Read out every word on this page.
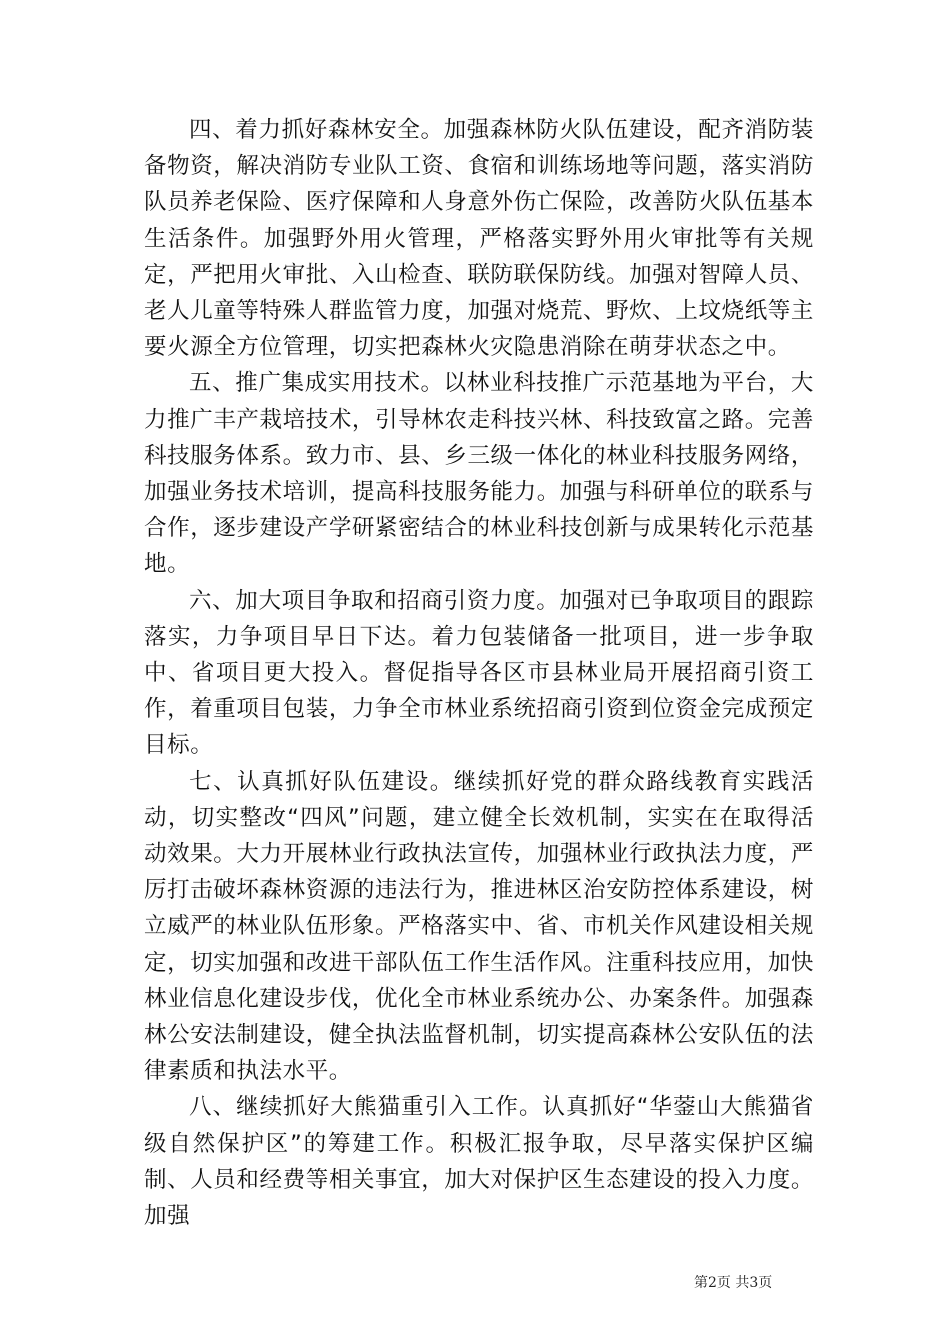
四、着力抓好森林安全。加强森林防火队伍建设，配齐消防装备物资，解决消防专业队工资、食宿和训练场地等问题，落实消防队员养老保险、医疗保障和人身意外伤亡保险，改善防火队伍基本生活条件。加强野外用火管理，严格落实野外用火审批等有关规定，严把用火审批、入山检查、联防联保防线。加强对智障人员、老人儿童等特殊人群监管力度，加强对烧荒、野炊、上坟烧纸等主要火源全方位管理，切实把森林火灾隐患消除在萌芽状态之中。

五、推广集成实用技术。以林业科技推广示范基地为平台，大力推广丰产栽培技术，引导林农走科技兴林、科技致富之路。完善科技服务体系。致力市、县、乡三级一体化的林业科技服务网络，加强业务技术培训，提高科技服务能力。加强与科研单位的联系与合作，逐步建设产学研紧密结合的林业科技创新与成果转化示范基地。

六、加大项目争取和招商引资力度。加强对已争取项目的跟踪落实，力争项目早日下达。着力包装储备一批项目，进一步争取中、省项目更大投入。督促指导各区市县林业局开展招商引资工作，着重项目包装，力争全市林业系统招商引资到位资金完成预定目标。

七、认真抓好队伍建设。继续抓好党的群众路线教育实践活动，切实整改“四风”问题，建立健全长效机制，实实在在取得活动效果。大力开展林业行政执法宣传，加强林业行政执法力度，严厉打击破坏森林资源的违法行为，推进林区治安防控体系建设，树立威严的林业队伍形象。严格落实中、省、市机关作风建设相关规定，切实加强和改进干部队伍工作生活作风。注重科技应用，加快林业信息化建设步伐，优化全市林业系统办公、办案条件。加强森林公安法制建设，健全执法监督机制，切实提高森林公安队伍的法律素质和执法水平。

八、继续抓好大熊猫重引入工作。认真抓好“华蓥山大熊猫省级自然保护区”的筹建工作。积极汇报争取，尽早落实保护区编制、人员和经费等相关事宜，加大对保护区生态建设的投入力度。加强

第2页 共3页
